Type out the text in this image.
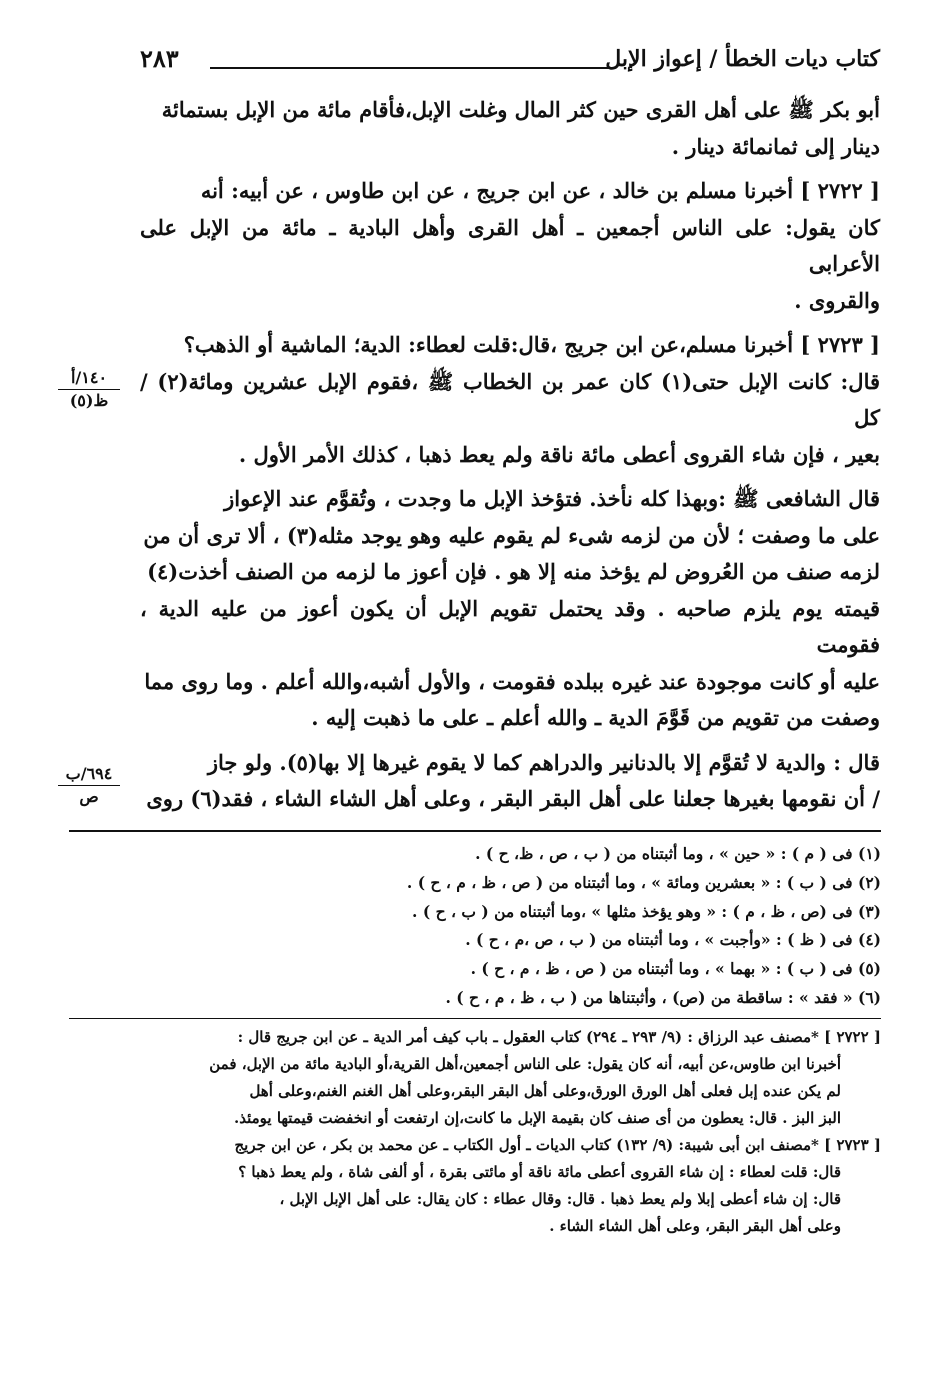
كتاب ديات الخطأ / إعواز الإبل
٢٨٣

أبو بكر ﷺ على أهل القرى حين كثر المال وغلت الإبل،فأقام مائة من الإبل بستمائة
دينار إلى ثمانمائة دينار .

[ ٢٧٢٢ ] أخبرنا مسلم بن خالد ، عن ابن جريج ، عن ابن طاوس ، عن أبيه: أنه
كان يقول: على الناس أجمعين ـ أهل القرى وأهل البادية ـ مائة من الإبل على الأعرابى
والقروى .

[ ٢٧٢٣ ] أخبرنا مسلم،عن ابن جريج ،قال:قلت لعطاء: الدية؛ الماشية أو الذهب؟
قال: كانت الإبل حتى(١) كان عمر بن الخطاب ﷺ ،فقوم الإبل عشرين ومائة(٢) / كل
بعير ، فإن شاء القروى أعطى مائة ناقة ولم يعط ذهبا ، كذلك الأمر الأول .

قال الشافعى ﷺ :وبهذا كله نأخذ. فتؤخذ الإبل ما وجدت ، وتُقوَّم عند الإعواز
على ما وصفت ؛ لأن من لزمه شىء لم يقوم عليه وهو يوجد مثله(٣) ، ألا ترى أن من
لزمه صنف من العُروض لم يؤخذ منه إلا هو . فإن أعوز ما لزمه من الصنف أخذت(٤)
قيمته يوم يلزم صاحبه . وقد يحتمل تقويم الإبل أن يكون أعوز من عليه الدية ، فقومت
عليه أو كانت موجودة عند غيره ببلده فقومت ، والأول أشبه،والله أعلم . وما روى مما
وصفت من تقويم من قَوَّمَ الدية ـ والله أعلم ـ على ما ذهبت إليه .

قال : والدية لا تُقوَّم إلا بالدنانير والدراهم كما لا يقوم غيرها إلا بها(٥). ولو جاز
/ أن نقومها بغيرها جعلنا على أهل البقر البقر ، وعلى أهل الشاء الشاء ، فقد(٦) روى

١٤٠/أ
ظ(٥)
٦٩٤/ب
ص
(١) فى ( م ) : « حين » ، وما أثبتناه من ( ب ، ص ، ظ، ح ) .
(٢) فى ( ب ) : « بعشرين ومائة » ، وما أثبتناه من ( ص ، ظ ، م ، ح ) .
(٣) فى (ص ، ظ ، م ) : « وهو يؤخذ مثلها » ،وما أثبتناه من ( ب ، ح ) .
(٤) فى ( ظ ) : «وأجبت » ، وما أثبتناه من ( ب ، ص ،م ، ح ) .
(٥) فى ( ب ) : « بهما » ، وما أثبتناه من ( ص ، ظ ، م ، ح ) .
(٦) « فقد » : ساقطة من (ص) ، وأثبتناها من ( ب ، ظ ، م ، ح ) .

[ ٢٧٢٢ ] *مصنف عبد الرزاق : (٩/ ٢٩٣ ـ ٢٩٤) كتاب العقول ـ باب كيف أمر الدية ـ عن ابن جريج قال :
أخبرنا ابن طاوس،عن أبيه، أنه كان يقول: على الناس أجمعين،أهل القرية،أو البادية مائة من الإبل، فمن
لم يكن عنده إبل فعلى أهل الورق الورق،وعلى أهل البقر البقر،وعلى أهل الغنم الغنم،وعلى أهل
البز البز . قال: يعطون من أى صنف كان بقيمة الإبل ما كانت،إن ارتفعت أو انخفضت قيمتها يومئذ.

[ ٢٧٢٣ ] *مصنف ابن أبى شيبة: (٩/ ١٣٢) كتاب الديات ـ أول الكتاب ـ عن محمد بن بكر ، عن ابن جريج
قال: قلت لعطاء : إن شاء القروى أعطى مائة ناقة أو مائتى بقرة ، أو ألفى شاة ، ولم يعط ذهبا ؟
قال: إن شاء أعطى إبلا ولم يعط ذهبا . قال: وقال عطاء : كان يقال: على أهل الإبل الإبل ،
وعلى أهل البقر البقر، وعلى أهل الشاء الشاء .
